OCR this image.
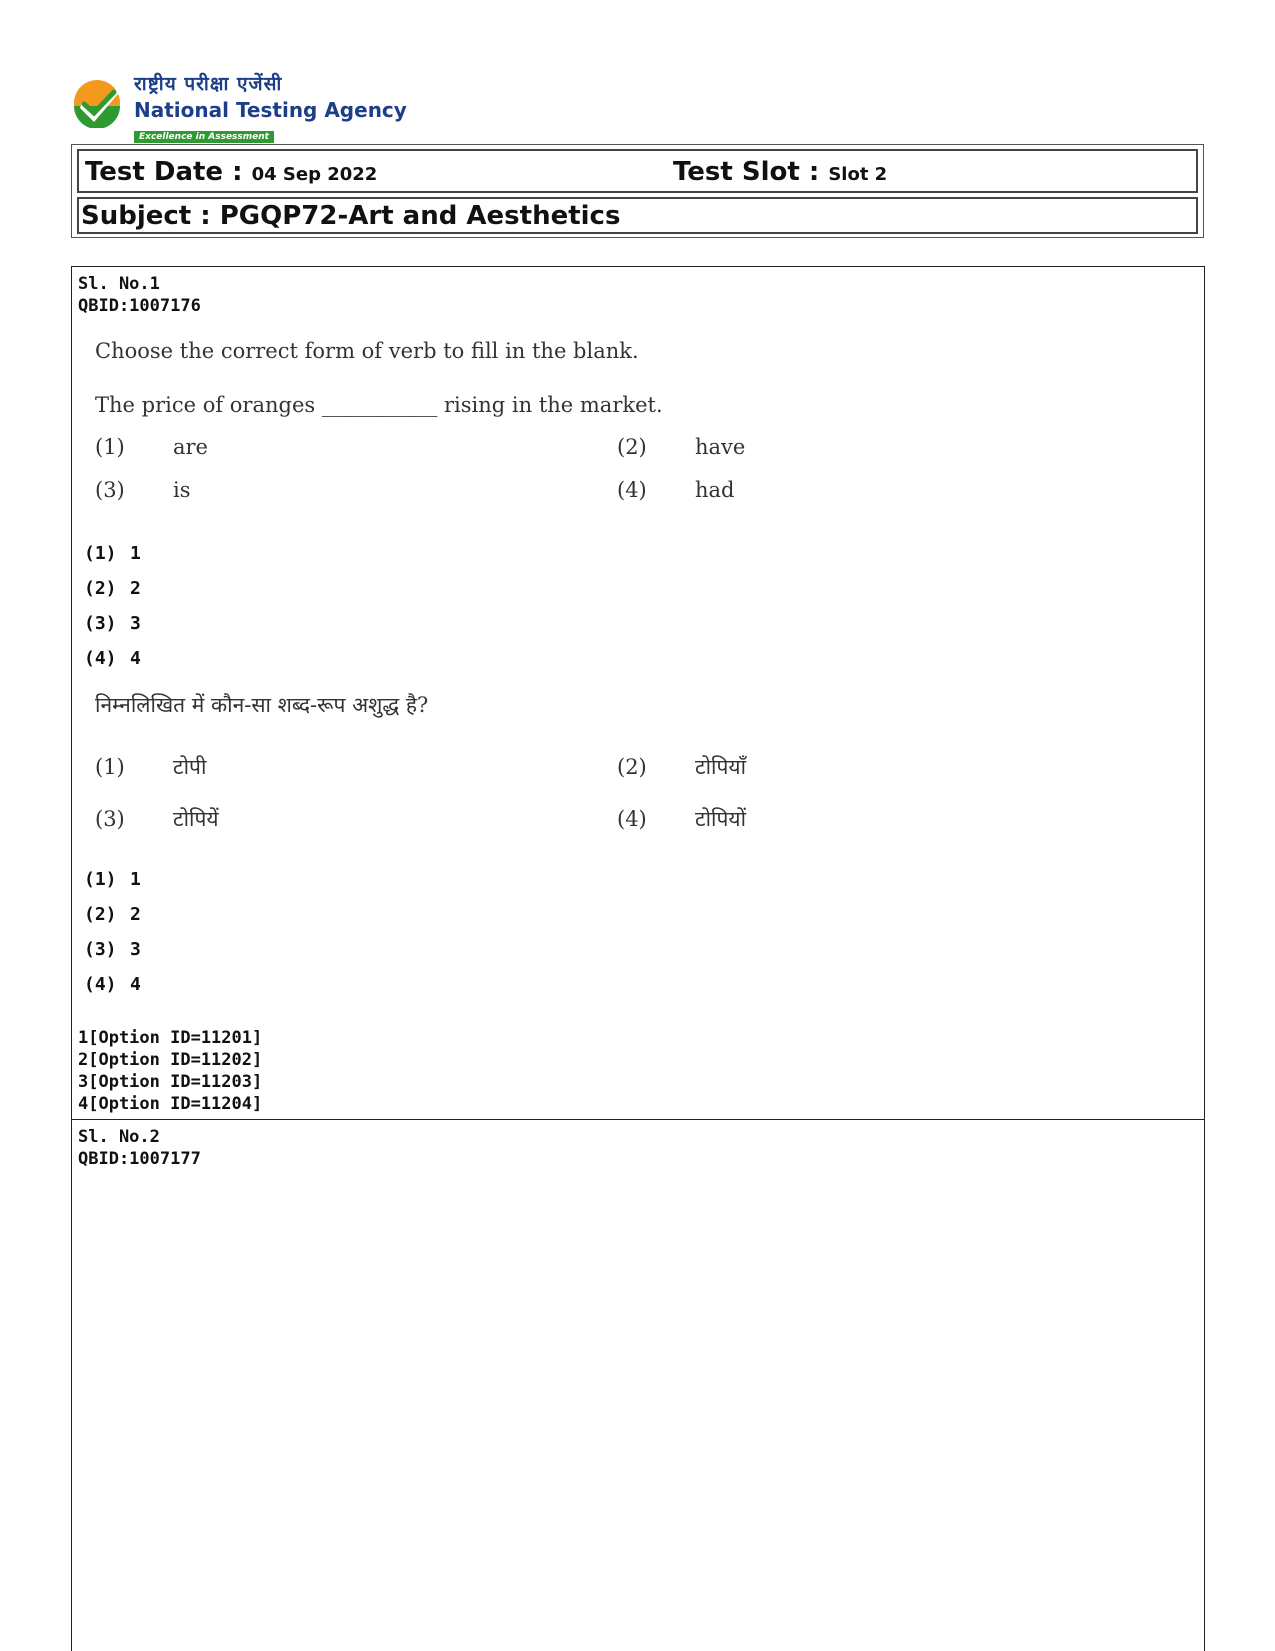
राष्ट्रीय परीक्षा एजेंसी
National Testing Agency
Excellence in Assessment
Test Date : 04 Sep 2022	Test Slot : Slot 2
Subject : PGQP72-Art and Aesthetics
Sl. No.1
QBID:1007176
Choose the correct form of verb to fill in the blank.
The price of oranges ___________ rising in the market.
(1) are	(2) have
(3) is	(4) had
(1) 1
(2) 2
(3) 3
(4) 4
निम्नलिखित में कौन-सा शब्द-रूप अशुद्ध है?
(1) टोपी	(2) टोपियाँ
(3) टोपियें	(4) टोपियों
(1) 1
(2) 2
(3) 3
(4) 4
1[Option ID=11201]
2[Option ID=11202]
3[Option ID=11203]
4[Option ID=11204]
Sl. No.2
QBID:1007177
